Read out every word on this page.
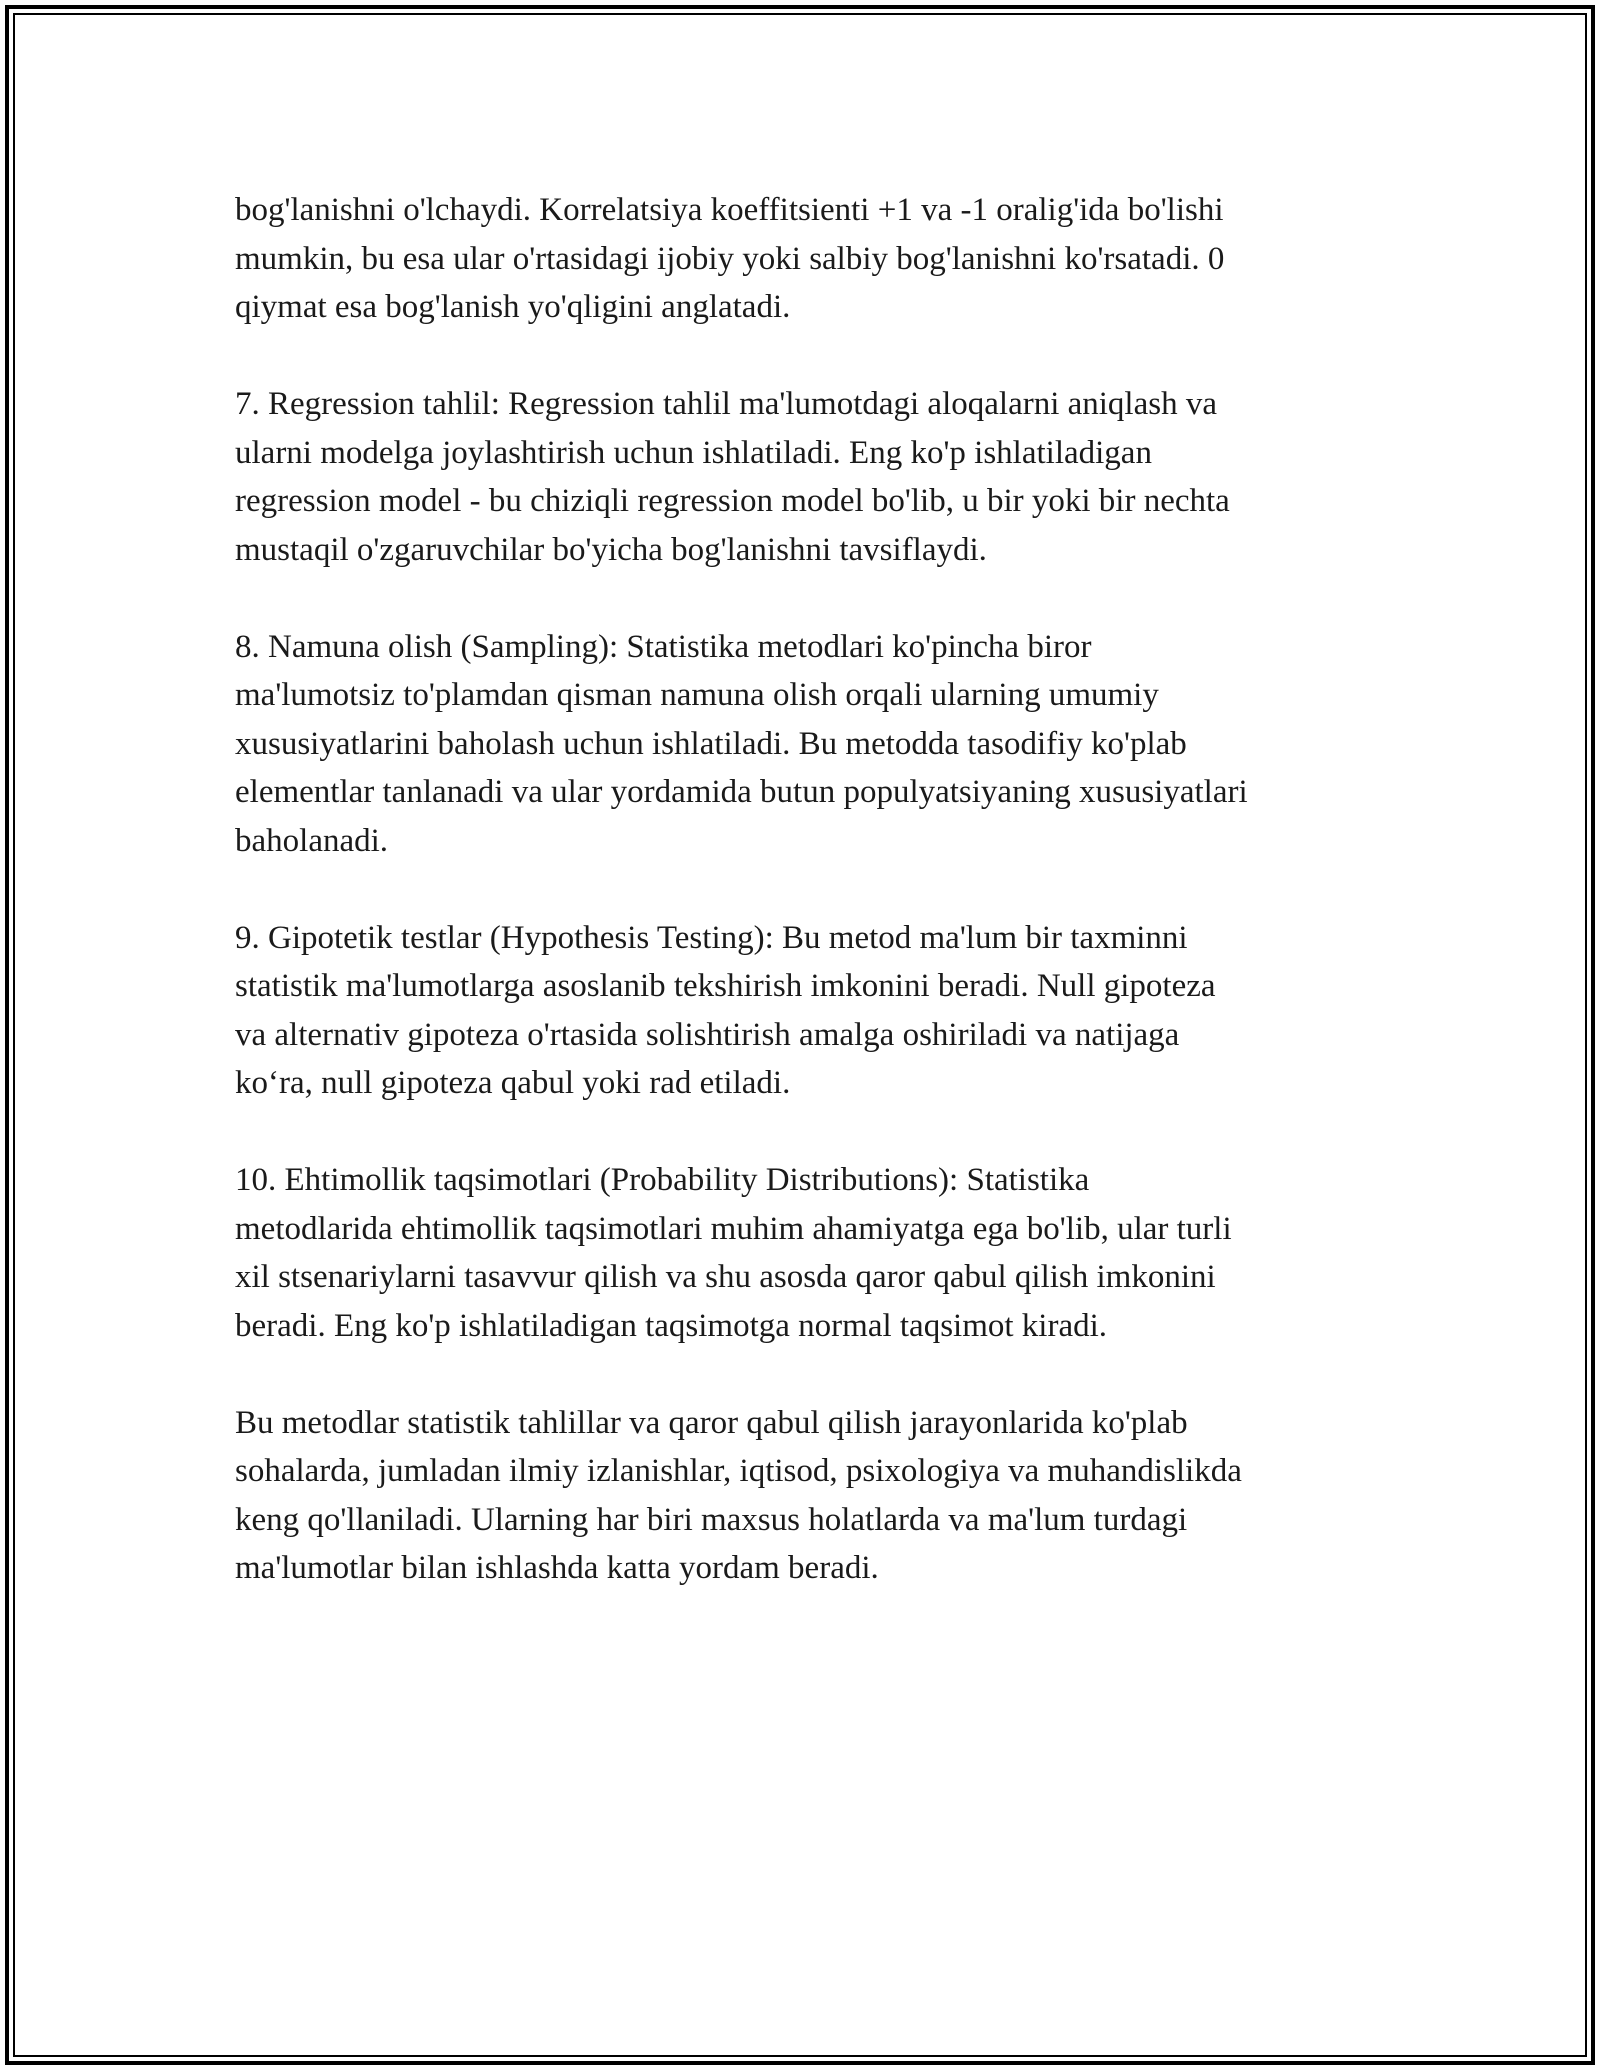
bog'lanishni o'lchaydi. Korrelatsiya koeffitsienti +1 va -1 oralig'ida bo'lishi
mumkin, bu esa ular o'rtasidagi ijobiy yoki salbiy bog'lanishni ko'rsatadi. 0
qiymat esa bog'lanish yo'qligini anglatadi.

7. Regression tahlil: Regression tahlil ma'lumotdagi aloqalarni aniqlash va
ularni modelga joylashtirish uchun ishlatiladi. Eng ko'p ishlatiladigan
regression model - bu chiziqli regression model bo'lib, u bir yoki bir nechta
mustaqil o'zgaruvchilar bo'yicha bog'lanishni tavsiflaydi.

8. Namuna olish (Sampling): Statistika metodlari ko'pincha biror
ma'lumotsiz to'plamdan qisman namuna olish orqali ularning umumiy
xususiyatlarini baholash uchun ishlatiladi. Bu metodda tasodifiy ko'plab
elementlar tanlanadi va ular yordamida butun populyatsiyaning xususiyatlari
baholanadi.

9. Gipotetik testlar (Hypothesis Testing): Bu metod ma'lum bir taxminni
statistik ma'lumotlarga asoslanib tekshirish imkonini beradi. Null gipoteza
va alternativ gipoteza o'rtasida solishtirish amalga oshiriladi va natijaga
ko‘ra, null gipoteza qabul yoki rad etiladi.

10. Ehtimollik taqsimotlari (Probability Distributions): Statistika
metodlarida ehtimollik taqsimotlari muhim ahamiyatga ega bo'lib, ular turli
xil stsenariylarni tasavvur qilish va shu asosda qaror qabul qilish imkonini
beradi. Eng ko'p ishlatiladigan taqsimotga normal taqsimot kiradi.

Bu metodlar statistik tahlillar va qaror qabul qilish jarayonlarida ko'plab
sohalarda, jumladan ilmiy izlanishlar, iqtisod, psixologiya va muhandislikda
keng qo'llaniladi. Ularning har biri maxsus holatlarda va ma'lum turdagi
ma'lumotlar bilan ishlashda katta yordam beradi.
